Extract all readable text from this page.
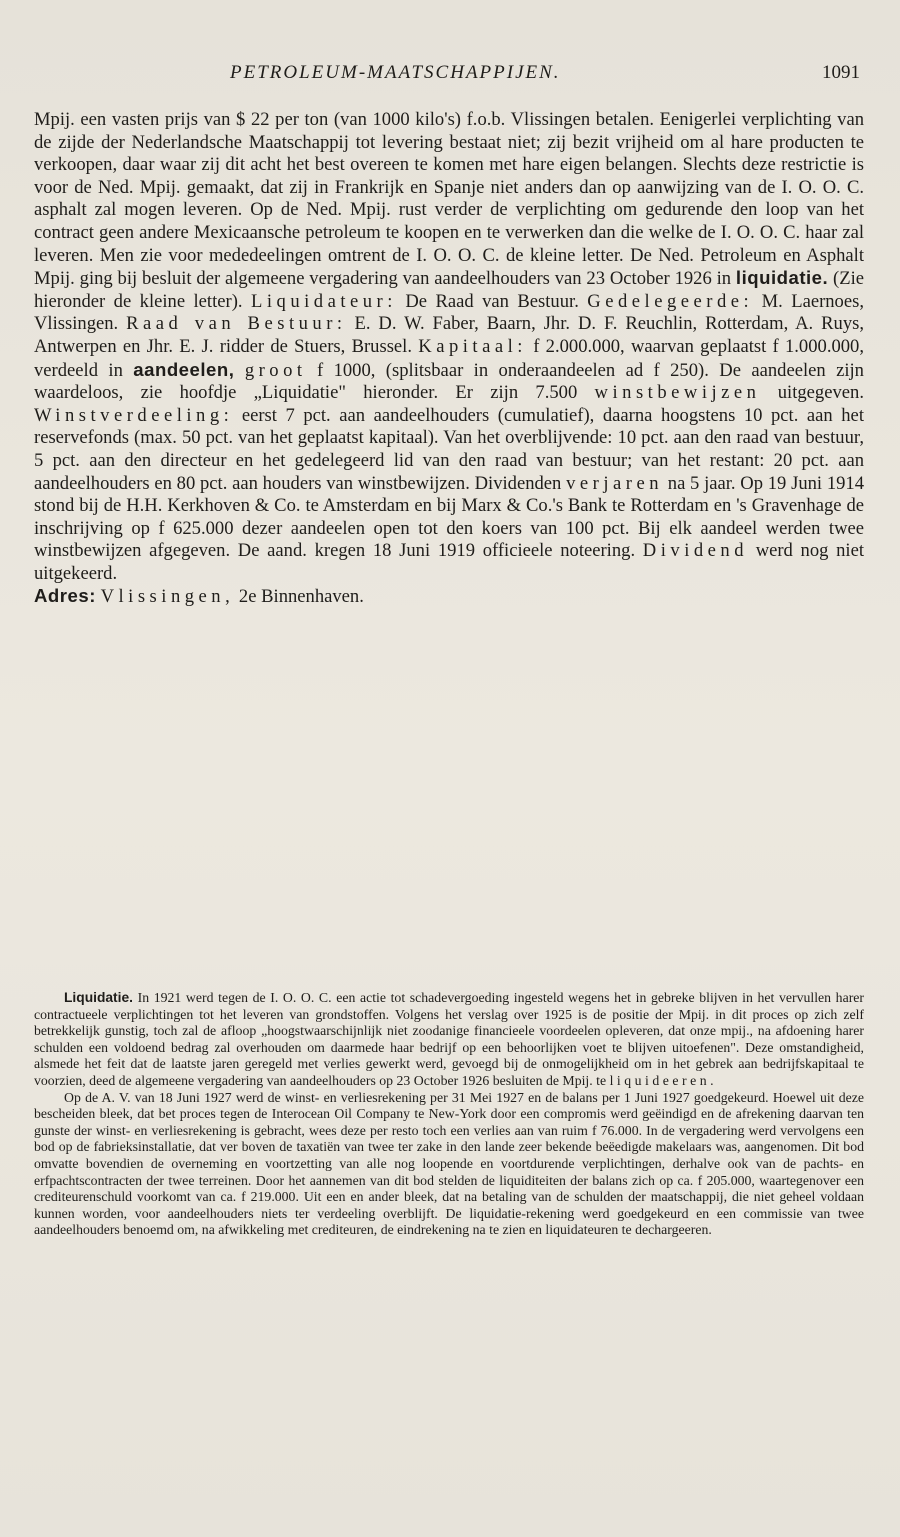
PETROLEUM-MAATSCHAPPIJEN.	1091

Mpij. een vasten prijs van $ 22 per ton (van 1000 kilo's) f.o.b. Vlissingen betalen. Eenigerlei verplichting van de zijde der Nederlandsche Maatschappij tot levering bestaat niet; zij bezit vrijheid om al hare producten te verkoopen, daar waar zij dit acht het best overeen te komen met hare eigen belangen. Slechts deze restrictie is voor de Ned. Mpij. gemaakt, dat zij in Frankrijk en Spanje niet anders dan op aanwijzing van de I. O. O. C. asphalt zal mogen leveren. Op de Ned. Mpij. rust verder de verplichting om gedurende den loop van het contract geen andere Mexicaansche petroleum te koopen en te verwerken dan die welke de I. O. O. C. haar zal leveren. Men zie voor mededeelingen omtrent de I. O. O. C. de kleine letter. De Ned. Petroleum en Asphalt Mpij. ging bij besluit der algemeene vergadering van aandeelhouders van 23 October 1926 in liquidatie. (Zie hieronder de kleine letter). Liquidateur: De Raad van Bestuur. Gedelegeerde: M. Laernoes, Vlissingen. Raad van Bestuur: E. D. W. Faber, Baarn, Jhr. D. F. Reuchlin, Rotterdam, A. Ruys, Antwerpen en Jhr. E. J. ridder de Stuers, Brussel. Kapitaal: f 2.000.000, waarvan geplaatst f 1.000.000, verdeeld in aandeelen, groot f 1000, (splitsbaar in onderaandeelen ad f 250). De aandeelen zijn waardeloos, zie hoofdje „Liquidatie" hieronder. Er zijn 7.500 winstbewijzen uitgegeven. Winstverdeeling: eerst 7 pct. aan aandeelhouders (cumulatief), daarna hoogstens 10 pct. aan het reservefonds (max. 50 pct. van het geplaatst kapitaal). Van het overblijvende: 10 pct. aan den raad van bestuur, 5 pct. aan den directeur en het gedelegeerd lid van den raad van bestuur; van het restant: 20 pct. aan aandeelhouders en 80 pct. aan houders van winstbewijzen. Dividenden verjaren na 5 jaar. Op 19 Juni 1914 stond bij de H.H. Kerkhoven & Co. te Amsterdam en bij Marx & Co.'s Bank te Rotterdam en 's Gravenhage de inschrijving op f 625.000 dezer aandeelen open tot den koers van 100 pct. Bij elk aandeel werden twee winstbewijzen afgegeven. De aand. kregen 18 Juni 1919 officieele noteering. Dividend werd nog niet uitgekeerd.

Adres: Vlissingen, 2e Binnenhaven.

Liquidatie. In 1921 werd tegen de I. O. O. C. een actie tot schadevergoeding ingesteld wegens het in gebreke blijven in het vervullen harer contractueele verplichtingen tot het leveren van grondstoffen. Volgens het verslag over 1925 is de positie der Mpij. in dit proces op zich zelf betrekkelijk gunstig, toch zal de afloop „hoogstwaarschijnlijk niet zoodanige financieele voordeelen opleveren, dat onze mpij., na afdoening harer schulden een voldoend bedrag zal overhouden om daarmede haar bedrijf op een behoorlijken voet te blijven uitoefenen". Deze omstandigheid, alsmede het feit dat de laatste jaren geregeld met verlies gewerkt werd, gevoegd bij de onmogelijkheid om in het gebrek aan bedrijfskapitaal te voorzien, deed de algemeene vergadering van aandeelhouders op 23 October 1926 besluiten de Mpij. te liquideeren.

Op de A. V. van 18 Juni 1927 werd de winst- en verliesrekening per 31 Mei 1927 en de balans per 1 Juni 1927 goedgekeurd. Hoewel uit deze bescheiden bleek, dat bet proces tegen de Interocean Oil Company te New-York door een compromis werd geëindigd en de afrekening daarvan ten gunste der winst- en verliesrekening is gebracht, wees deze per resto toch een verlies aan van ruim f 76.000. In de vergadering werd vervolgens een bod op de fabrieksinstallatie, dat ver boven de taxatiën van twee ter zake in den lande zeer bekende beëedigde makelaars was, aangenomen. Dit bod omvatte bovendien de overneming en voortzetting van alle nog loopende en voortdurende verplichtingen, derhalve ook van de pachts- en erfpachtscontracten der twee terreinen. Door het aannemen van dit bod stelden de liquiditeiten der balans zich op ca. f 205.000, waartegenover een crediteurenschuld voorkomt van ca. f 219.000. Uit een en ander bleek, dat na betaling van de schulden der maatschappij, die niet geheel voldaan kunnen worden, voor aandeelhouders niets ter verdeeling overblijft. De liquidatie-rekening werd goedgekeurd en een commissie van twee aandeelhouders benoemd om, na afwikkeling met crediteuren, de eindrekening na te zien en liquidateuren te dechargeeren.
